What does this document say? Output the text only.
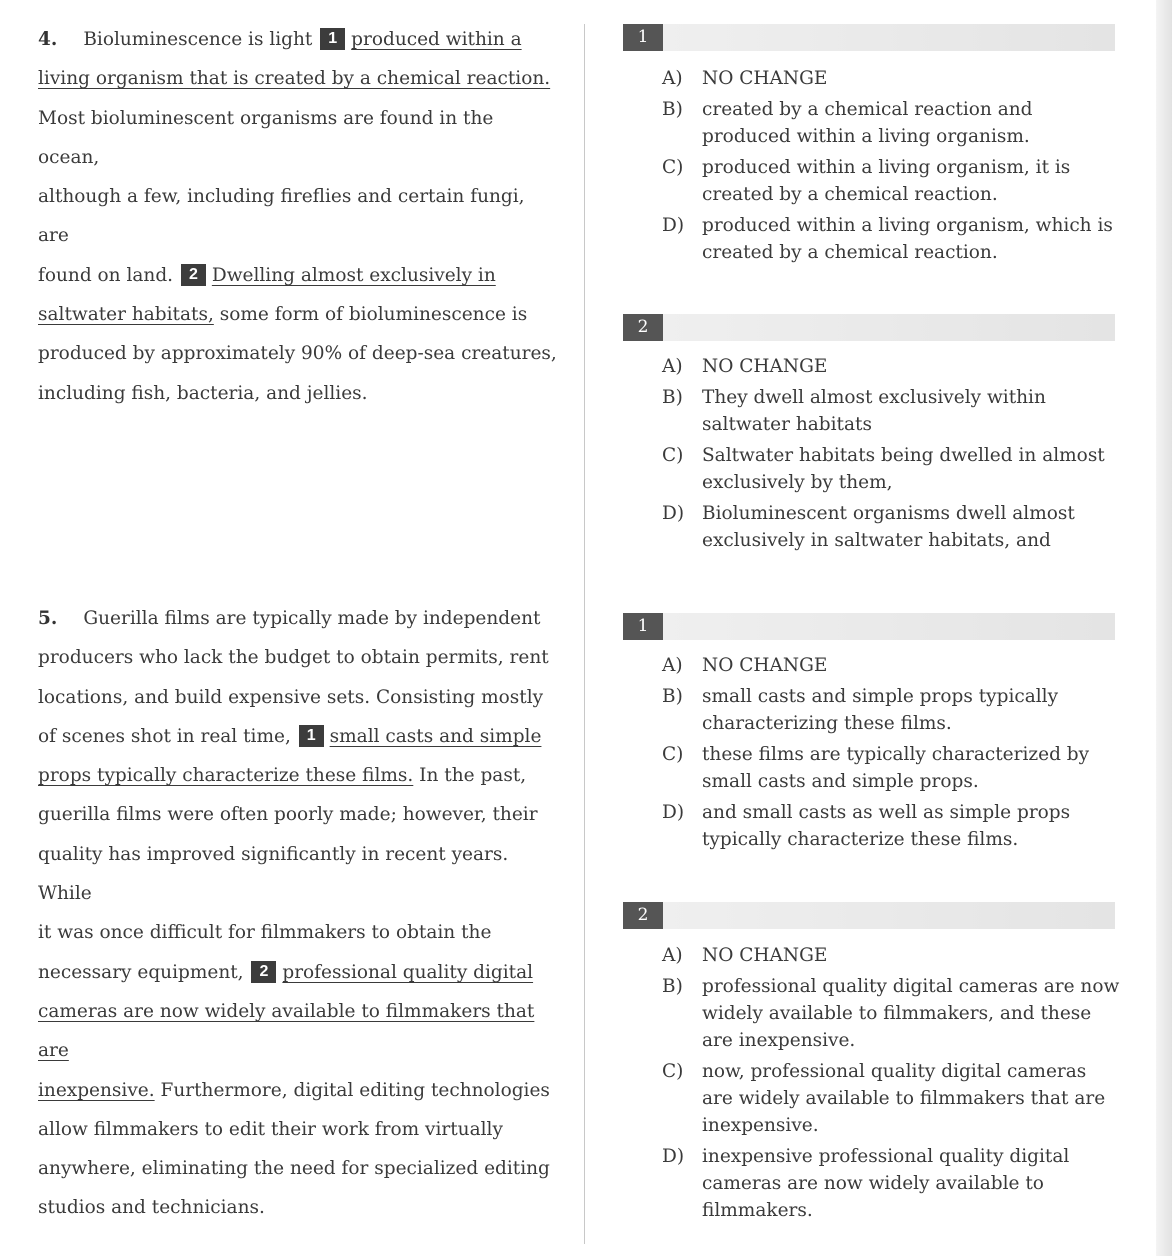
4. Bioluminescence is light 1 produced within a
living organism that is created by a chemical reaction.
Most bioluminescent organisms are found in the ocean,
although a few, including fireflies and certain fungi, are
found on land. 2 Dwelling almost exclusively in
saltwater habitats, some form of bioluminescence is
produced by approximately 90% of deep-sea creatures,
including fish, bacteria, and jellies.
5. Guerilla films are typically made by independent
producers who lack the budget to obtain permits, rent
locations, and build expensive sets. Consisting mostly
of scenes shot in real time, 1 small casts and simple
props typically characterize these films. In the past,
guerilla films were often poorly made; however, their
quality has improved significantly in recent years. While
it was once difficult for filmmakers to obtain the
necessary equipment, 2 professional quality digital
cameras are now widely available to filmmakers that are
inexpensive. Furthermore, digital editing technologies
allow filmmakers to edit their work from virtually
anywhere, eliminating the need for specialized editing
studios and technicians.
1
A)	NO CHANGE
B)	created by a chemical reaction and produced within a living organism.
C)	produced within a living organism, it is created by a chemical reaction.
D) produced within a living organism, which is created by a chemical reaction.
2
A)	NO CHANGE
B)	They dwell almost exclusively within saltwater habitats
C)	Saltwater habitats being dwelled in almost exclusively by them,
D) Bioluminescent organisms dwell almost exclusively in saltwater habitats, and
1
A)	NO CHANGE
B)	small casts and simple props typically characterizing these films.
C)	these films are typically characterized by small casts and simple props.
D) and small casts as well as simple props typically characterize these films.
2
A)	NO CHANGE
B)	professional quality digital cameras are now widely available to filmmakers, and these are inexpensive.
C)	now, professional quality digital cameras are widely available to filmmakers that are inexpensive.
D) inexpensive professional quality digital cameras are now widely available to filmmakers.
